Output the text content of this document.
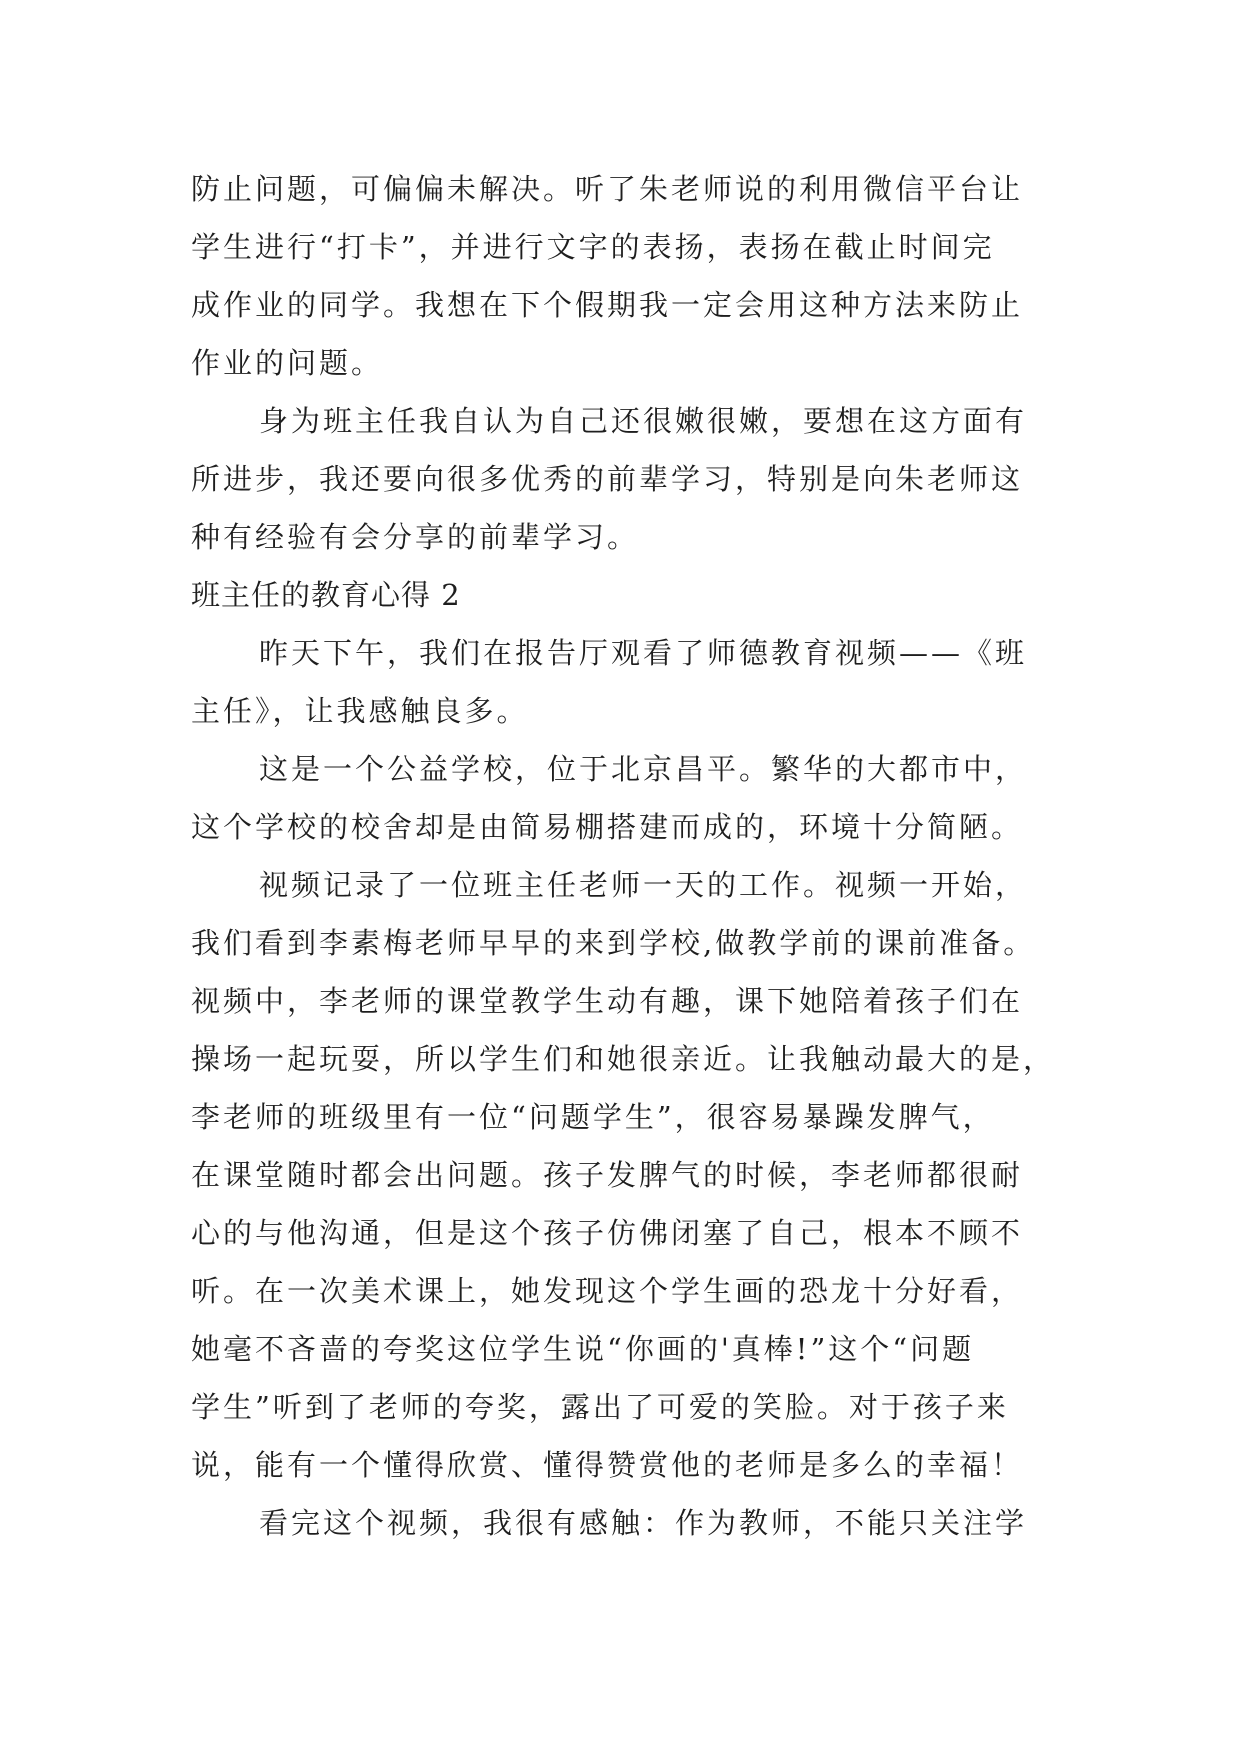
防止问题，可偏偏未解决。听了朱老师说的利用微信平台让
学生进行“打卡”，并进行文字的表扬，表扬在截止时间完
成作业的同学。我想在下个假期我一定会用这种方法来防止
作业的问题。
身为班主任我自认为自己还很嫩很嫩，要想在这方面有
所进步，我还要向很多优秀的前辈学习，特别是向朱老师这
种有经验有会分享的前辈学习。
班主任的教育心得 2
昨天下午，我们在报告厅观看了师德教育视频——《班
主任》，让我感触良多。
这是一个公益学校，位于北京昌平。繁华的大都市中，
这个学校的校舍却是由简易棚搭建而成的，环境十分简陋。
视频记录了一位班主任老师一天的工作。视频一开始，
我们看到李素梅老师早早的来到学校,做教学前的课前准备。
视频中，李老师的课堂教学生动有趣，课下她陪着孩子们在
操场一起玩耍，所以学生们和她很亲近。让我触动最大的是，
李老师的班级里有一位“问题学生”，很容易暴躁发脾气，
在课堂随时都会出问题。孩子发脾气的时候，李老师都很耐
心的与他沟通，但是这个孩子仿佛闭塞了自己，根本不顾不
听。在一次美术课上，她发现这个学生画的恐龙十分好看，
她毫不吝啬的夸奖这位学生说“你画的'真棒!”这个“问题
学生”听到了老师的夸奖，露出了可爱的笑脸。对于孩子来
说，能有一个懂得欣赏、懂得赞赏他的老师是多么的幸福！
看完这个视频，我很有感触：作为教师，不能只关注学
